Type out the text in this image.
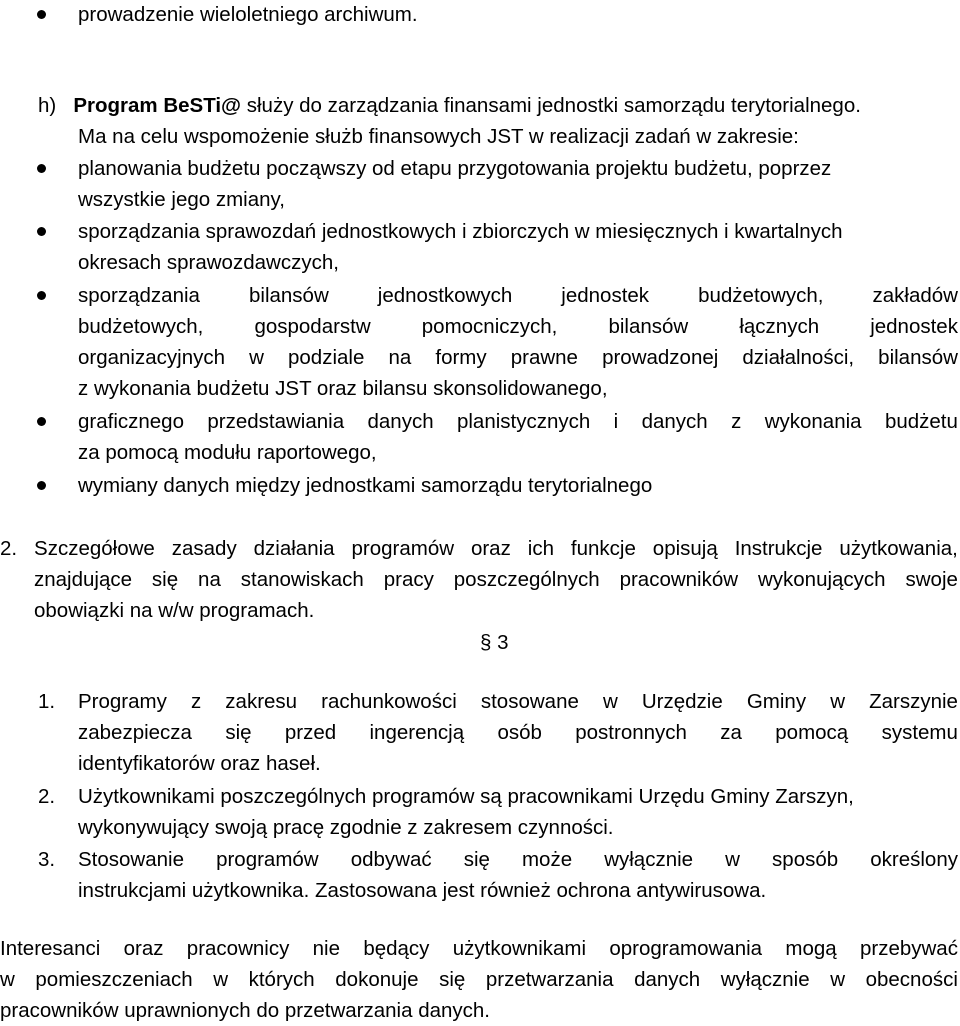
prowadzenie wieloletniego archiwum.
h) Program BeSTi@ służy do zarządzania finansami jednostki samorządu terytorialnego.
Ma na celu wspomożenie służb finansowych JST w realizacji zadań w zakresie:
planowania budżetu począwszy od etapu przygotowania projektu budżetu, poprzez
wszystkie jego zmiany,
sporządzania sprawozdań jednostkowych i zbiorczych w miesięcznych i kwartalnych
okresach sprawozdawczych,
sporządzania bilansów jednostkowych jednostek budżetowych, zakładów
budżetowych, gospodarstw pomocniczych, bilansów łącznych jednostek
organizacyjnych w podziale na formy prawne prowadzonej działalności, bilansów
z wykonania budżetu JST oraz bilansu skonsolidowanego,
graficznego przedstawiania danych planistycznych i danych z wykonania budżetu
za pomocą modułu raportowego,
wymiany danych między jednostkami samorządu terytorialnego
2. Szczegółowe zasady działania programów oraz ich funkcje opisują Instrukcje użytkowania,
znajdujące się na stanowiskach pracy poszczególnych pracowników wykonujących swoje
obowiązki na w/w programach.
§ 3
1. Programy z zakresu rachunkowości stosowane w Urzędzie Gminy w Zarszynie
zabezpiecza się przed ingerencją osób postronnych za pomocą systemu
identyfikatorów oraz haseł.
2. Użytkownikami poszczególnych programów są pracownikami Urzędu Gminy Zarszyn,
wykonywujący swoją pracę zgodnie z zakresem czynności.
3. Stosowanie programów odbywać się może wyłącznie w sposób określony
instrukcjami użytkownika. Zastosowana jest również ochrona antywirusowa.
Interesanci oraz pracownicy nie będący użytkownikami oprogramowania mogą przebywać
w pomieszczeniach w których dokonuje się przetwarzania danych wyłącznie w obecności
pracowników uprawnionych do przetwarzania danych.
